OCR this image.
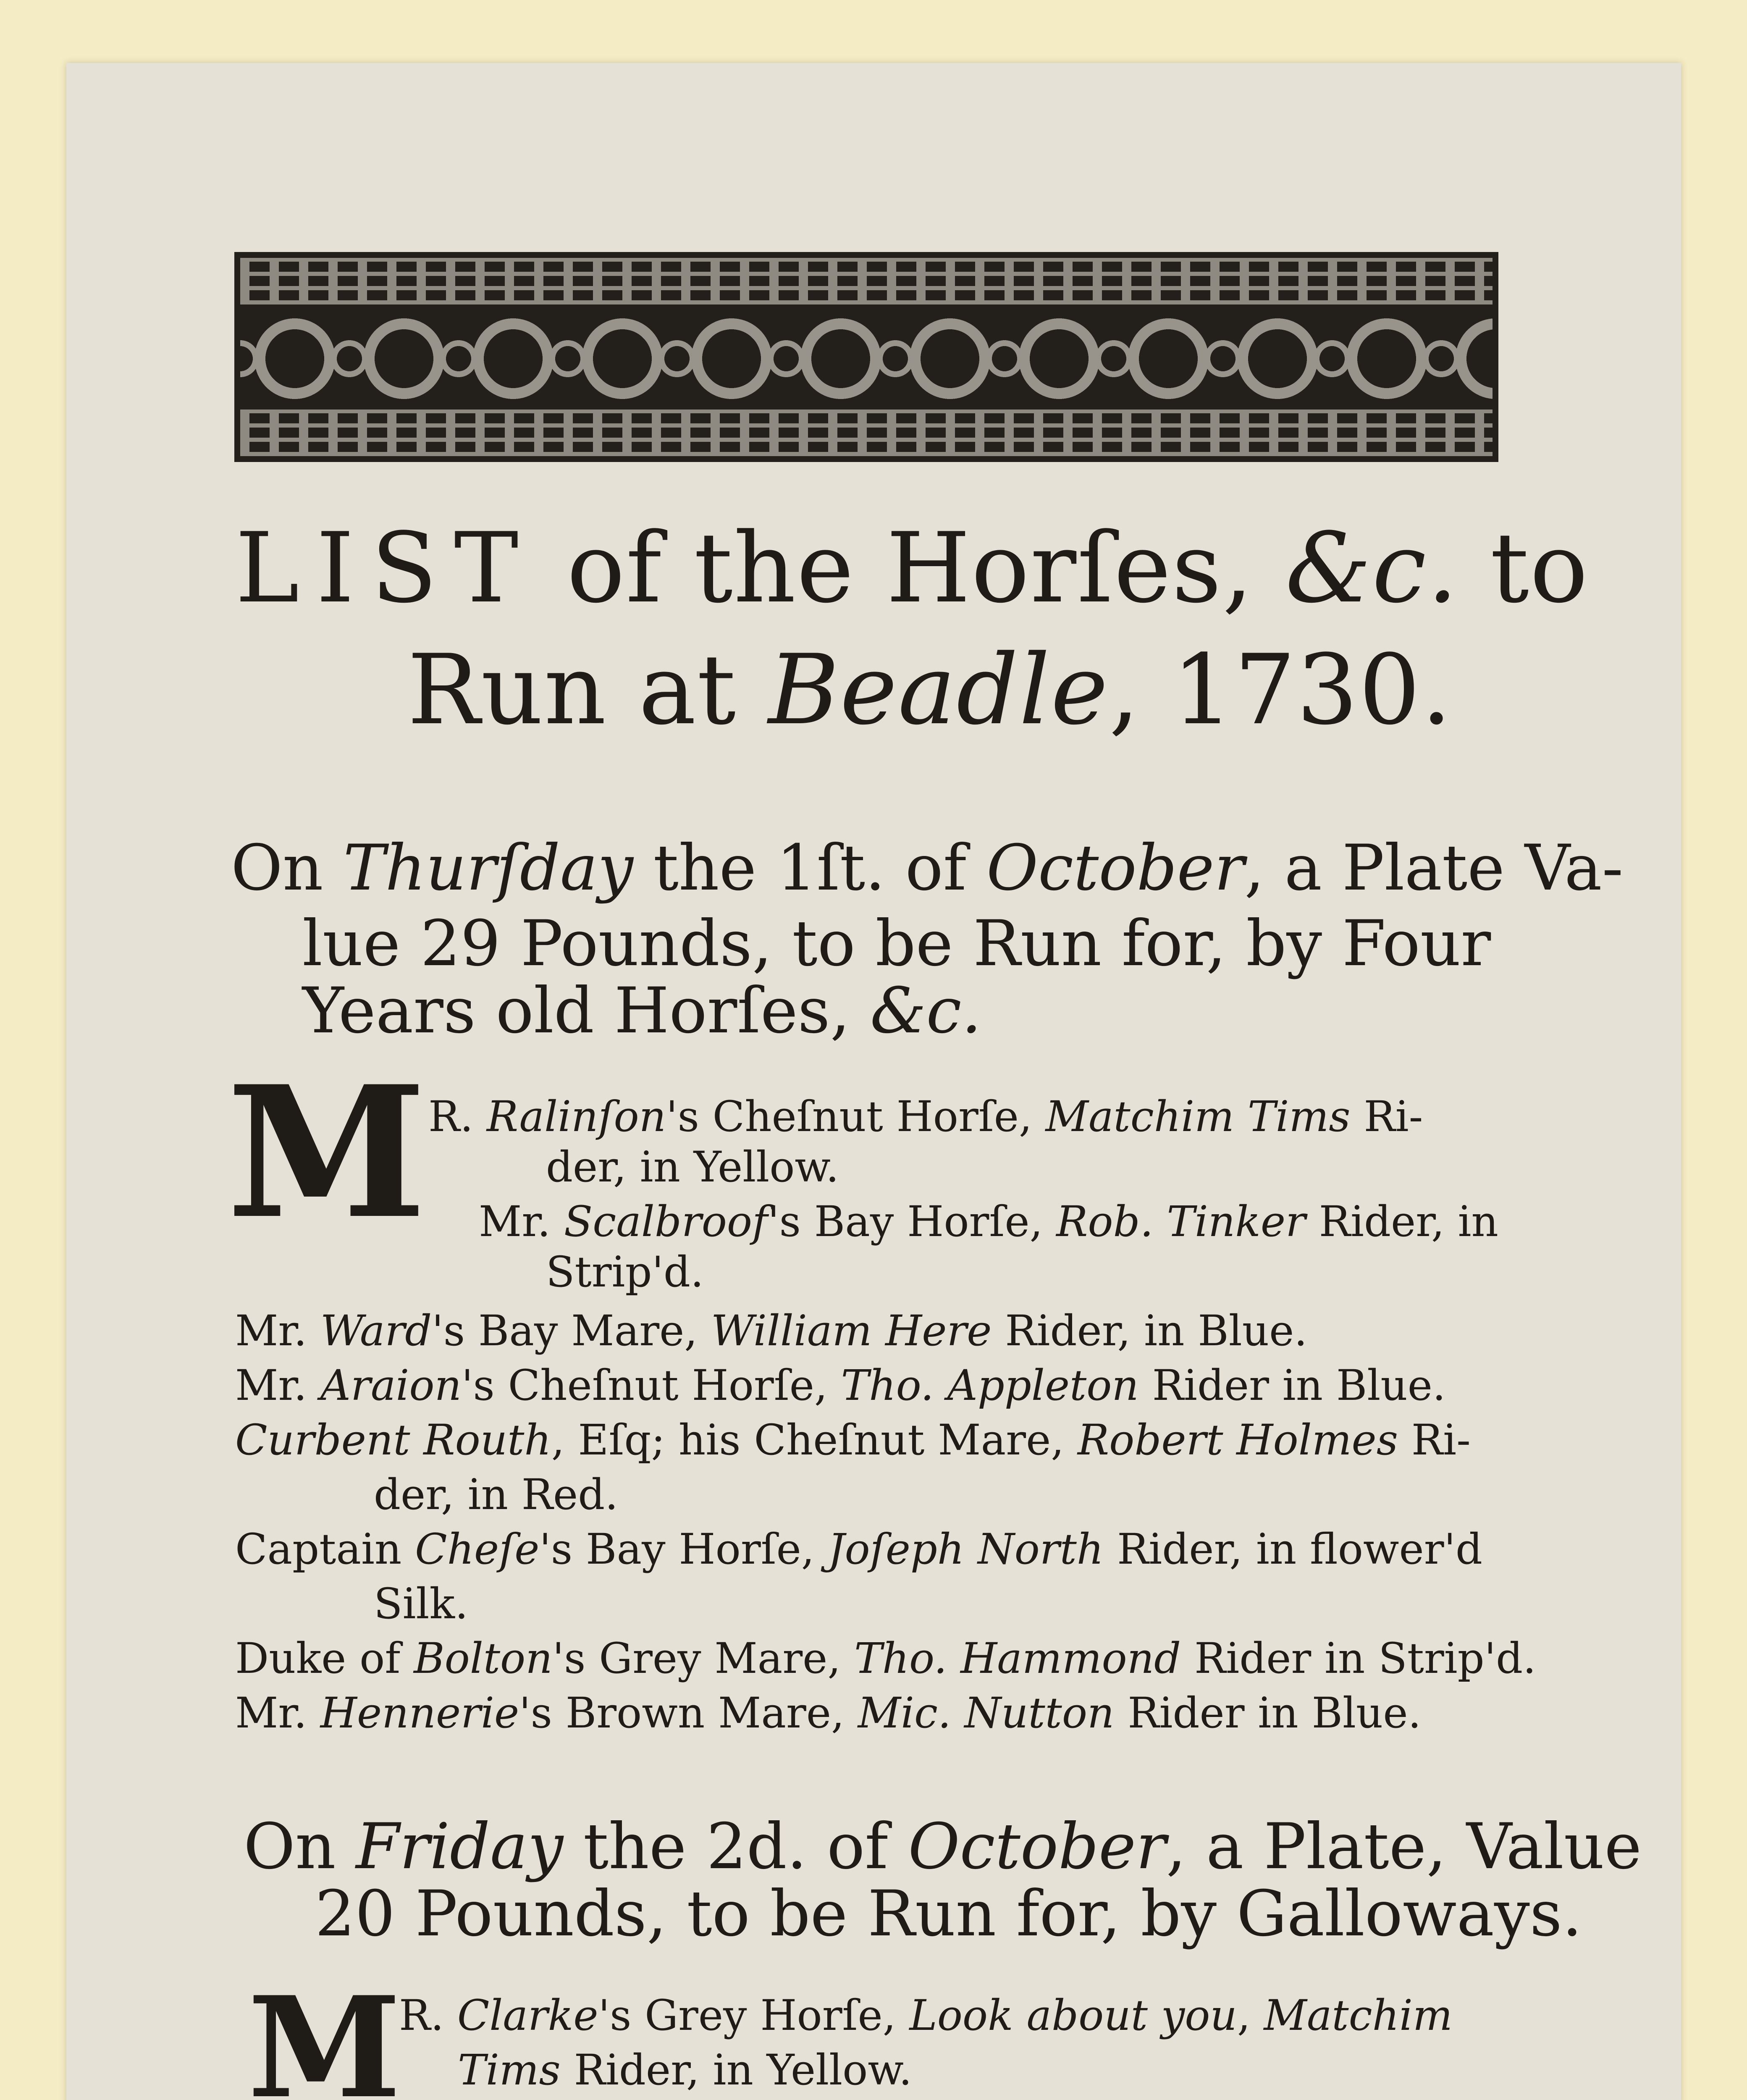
LIST of the Horſes, &c. to
Run at Beadle, 1730.
On Thurſday the 1ſt. of October, a Plate Va-
lue 29 Pounds, to be Run for, by Four
Years old Horſes, &c.
M R. Ralinſon's Cheſnut Horſe, Matchim Tims Ri-
der, in Yellow.
Mr. Scalbroof's Bay Horſe, Rob. Tinker Rider, in
Strip'd.
Mr. Ward's Bay Mare, William Here Rider, in Blue.
Mr. Araion's Cheſnut Horſe, Tho. Appleton Rider in Blue.
Curbent Routh, Eſq; his Cheſnut Mare, Robert Holmes Ri-
der, in Red.
Captain Cheſe's Bay Horſe, Joſeph North Rider, in flower'd
Silk.
Duke of Bolton's Grey Mare, Tho. Hammond Rider in Strip'd.
Mr. Hennerie's Brown Mare, Mic. Nutton Rider in Blue.
On Friday the 2d. of October, a Plate, Value
20 Pounds, to be Run for, by Galloways.
M
R. Clarke's Grey Horſe, Look about you, Matchim
Tims Rider, in Yellow.
